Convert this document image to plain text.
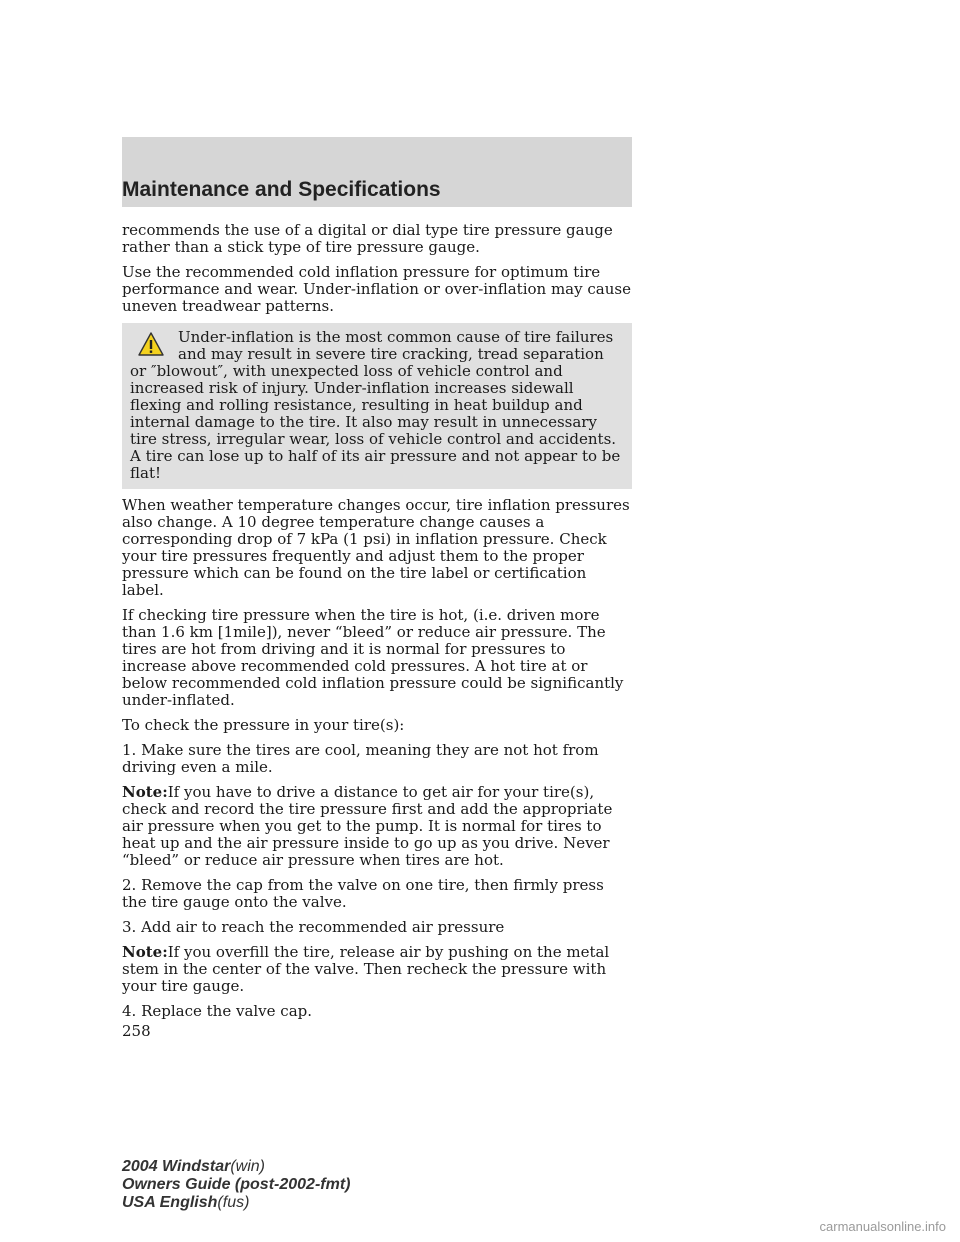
Maintenance and Specifications

recommends the use of a digital or dial type tire pressure gauge rather than a stick type of tire pressure gauge.

Use the recommended cold inflation pressure for optimum tire performance and wear. Under-inflation or over-inflation may cause uneven treadwear patterns.

Under-inflation is the most common cause of tire failures and may result in severe tire cracking, tread separation or ″blowout″, with unexpected loss of vehicle control and increased risk of injury. Under-inflation increases sidewall flexing and rolling resistance, resulting in heat buildup and internal damage to the tire. It also may result in unnecessary tire stress, irregular wear, loss of vehicle control and accidents. A tire can lose up to half of its air pressure and not appear to be flat!

When weather temperature changes occur, tire inflation pressures also change. A 10 degree temperature change causes a corresponding drop of 7 kPa (1 psi) in inflation pressure. Check your tire pressures frequently and adjust them to the proper pressure which can be found on the tire label or certification label.

If checking tire pressure when the tire is hot, (i.e. driven more than 1.6 km [1mile]), never “bleed” or reduce air pressure. The tires are hot from driving and it is normal for pressures to increase above recommended cold pressures. A hot tire at or below recommended cold inflation pressure could be significantly under-inflated.

To check the pressure in your tire(s):

1. Make sure the tires are cool, meaning they are not hot from driving even a mile.

Note:If you have to drive a distance to get air for your tire(s), check and record the tire pressure first and add the appropriate air pressure when you get to the pump. It is normal for tires to heat up and the air pressure inside to go up as you drive. Never “bleed” or reduce air pressure when tires are hot.

2. Remove the cap from the valve on one tire, then firmly press the tire gauge onto the valve.

3. Add air to reach the recommended air pressure

Note:If you overfill the tire, release air by pushing on the metal stem in the center of the valve. Then recheck the pressure with your tire gauge.

4. Replace the valve cap.

258
2004 Windstar(win)
Owners Guide (post-2002-fmt)
USA English(fus)
carmanualsonline.info
